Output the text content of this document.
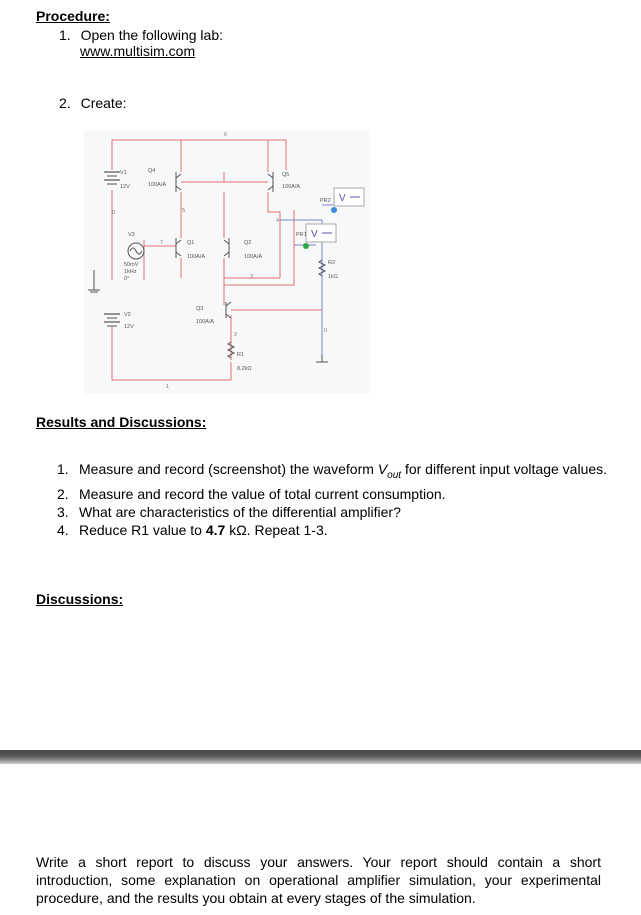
Procedure:
1. Open the following lab:
www.multisim.com
2. Create:
V
V
V1
12V
Q4
100A/A
Q5
100A/A
PR2
PR1
V3
50mV
1kHz
0°
Q1
100A/A
Q2
100A/A
R2
1kΩ
V2
12V
Q3
100A/A
R1
8.2kΩ
6
5
4
7
3
2
1
0
0
Results and Discussions:
1. Measure and record (screenshot) the waveform $V_{out}$ for different input voltage values.
2. Measure and record the value of total current consumption.
3. What are characteristics of the differential amplifier?
4. Reduce R1 value to 4.7 kΩ. Repeat 1-3.
Discussions:
Write a short report to discuss your answers. Your report should contain a short introduction, some explanation on operational amplifier simulation, your experimental procedure, and the results you obtain at every stages of the simulation.
